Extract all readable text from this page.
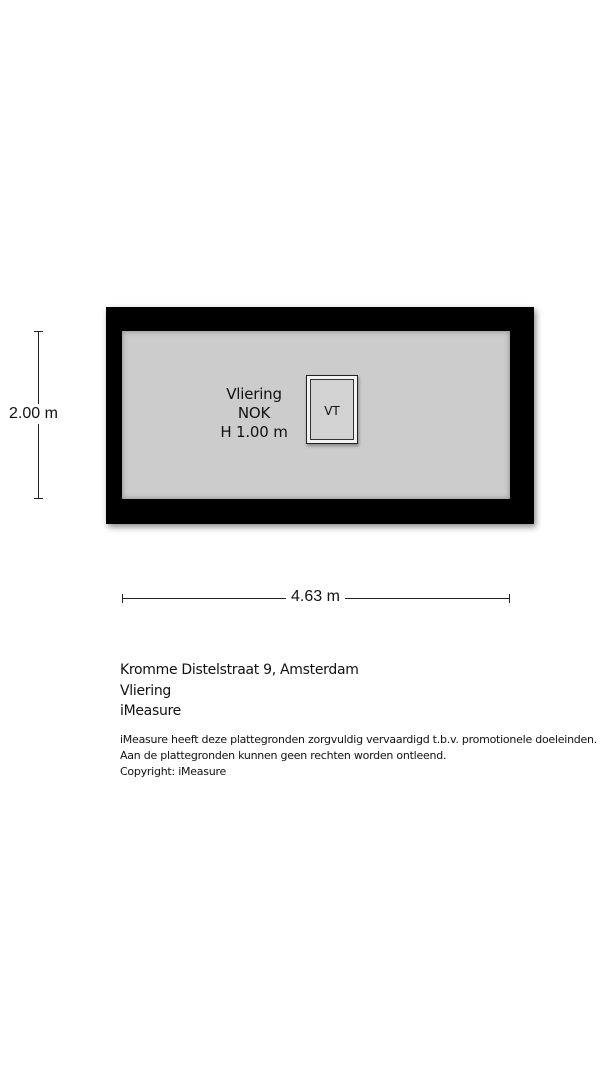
Vliering
NOK
H 1.00 m
VT
2.00 m
4.63 m
Kromme Distelstraat 9, Amsterdam
Vliering
iMeasure
iMeasure heeft deze plattegronden zorgvuldig vervaardigd t.b.v. promotionele doeleinden.
Aan de plattegronden kunnen geen rechten worden ontleend.
Copyright: iMeasure
